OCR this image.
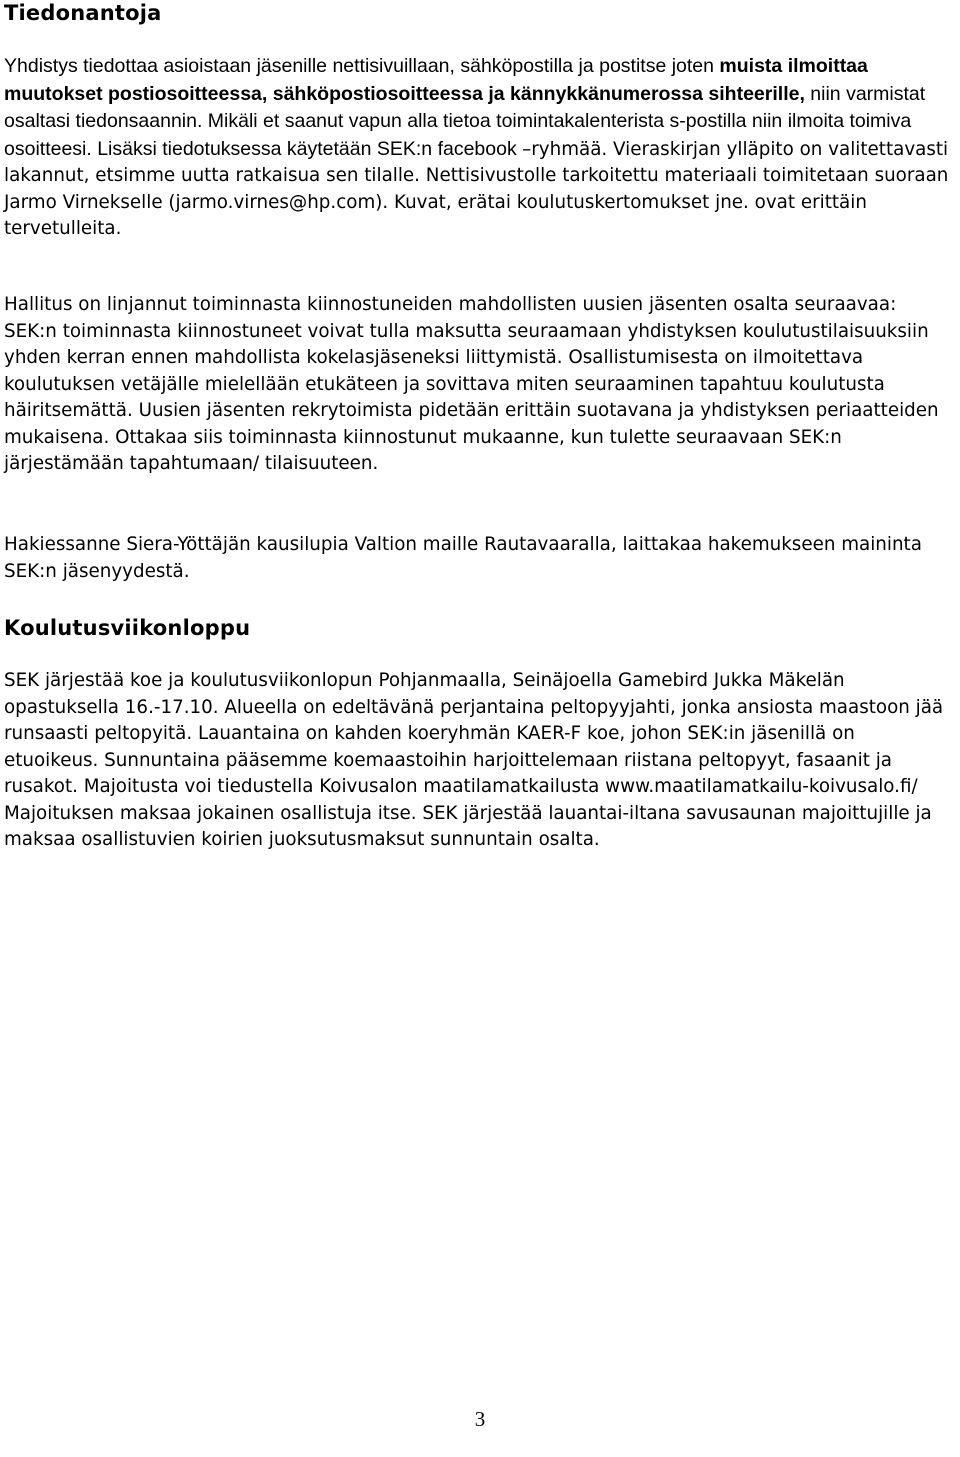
Tiedonantoja

Yhdistys tiedottaa asioistaan jäsenille nettisivuillaan, sähköpostilla ja postitse joten muista ilmoittaa muutokset postiosoitteessa, sähköpostiosoitteessa ja kännykkänumerossa sihteerille, niin varmistat osaltasi tiedonsaannin. Mikäli et saanut vapun alla tietoa toimintakalenterista s-postilla niin ilmoita toimiva osoitteesi. Lisäksi tiedotuksessa käytetään SEK:n facebook –ryhmää. Vieraskirjan ylläpito on valitettavasti lakannut, etsimme uutta ratkaisua sen tilalle. Nettisivustolle tarkoitettu materiaali toimitetaan suoraan Jarmo Virnekselle (jarmo.virnes@hp.com). Kuvat, erätai koulutuskertomukset jne. ovat erittäin tervetulleita.

Hallitus on linjannut toiminnasta kiinnostuneiden mahdollisten uusien jäsenten osalta seuraavaa: SEK:n toiminnasta kiinnostuneet voivat tulla maksutta seuraamaan yhdistyksen koulutustilaisuuksiin yhden kerran ennen mahdollista kokelasjäseneksi liittymistä. Osallistumisesta on ilmoitettava koulutuksen vetäjälle mielellään etukäteen ja sovittava miten seuraaminen tapahtuu koulutusta häiritsemättä. Uusien jäsenten rekrytoimista pidetään erittäin suotavana ja yhdistyksen periaatteiden mukaisena. Ottakaa siis toiminnasta kiinnostunut mukaanne, kun tulette seuraavaan SEK:n järjestämään tapahtumaan/ tilaisuuteen.

Hakiessanne Siera-Yöttäjän kausilupia Valtion maille Rautavaaralla, laittakaa hakemukseen maininta SEK:n jäsenyydestä.

Koulutusviikonloppu

SEK järjestää koe ja koulutusviikonlopun Pohjanmaalla, Seinäjoella Gamebird Jukka Mäkelän opastuksella 16.-17.10. Alueella on edeltävänä perjantaina peltopyyjahti, jonka ansiosta maastoon jää runsaasti peltopyitä. Lauantaina on kahden koeryhmän KAER-F koe, johon SEK:in jäsenillä on etuoikeus. Sunnuntaina pääsemme koemaastoihin harjoittelemaan riistana peltopyyt, fasaanit ja rusakot. Majoitusta voi tiedustella Koivusalon maatilamatkailusta www.maatilamatkailu-koivusalo.fi/ Majoituksen maksaa jokainen osallistuja itse. SEK järjestää lauantai-iltana savusaunan majoittujille ja maksaa osallistuvien koirien juoksutusmaksut sunnuntain osalta.

3
